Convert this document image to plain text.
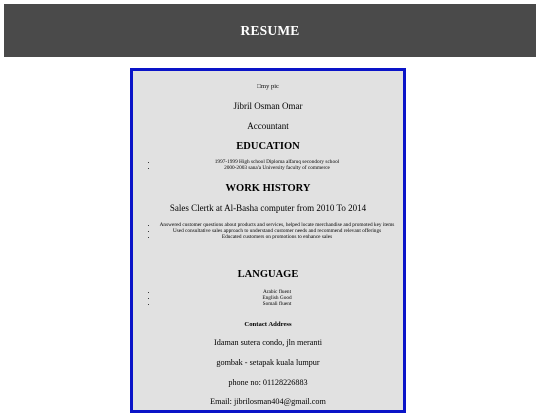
RESUME
□my pic
Jibril Osman Omar
Accountant
EDUCATION
• 1997-1999 High school Diploma alfaruq secondory school
• 2000-2003 sana'a University faculty of commerce
WORK HISTORY
Sales Clertk at Al-Basha computer from 2010 To 2014
• Answered customer questions about products and services, helped locate merchandise and promoted key items
• Used consultative sales approach to understand customer needs and recommend relevant offerings
• Educated customers on promotions to enhance sales
LANGUAGE
• Arabic fluent
• English Good
• Somali fluent
Contact Address
Idaman sutera condo, jln meranti
gombak - setapak kuala lumpur
phone no: 01128226883
Email: jibrilosman404@gmail.com
